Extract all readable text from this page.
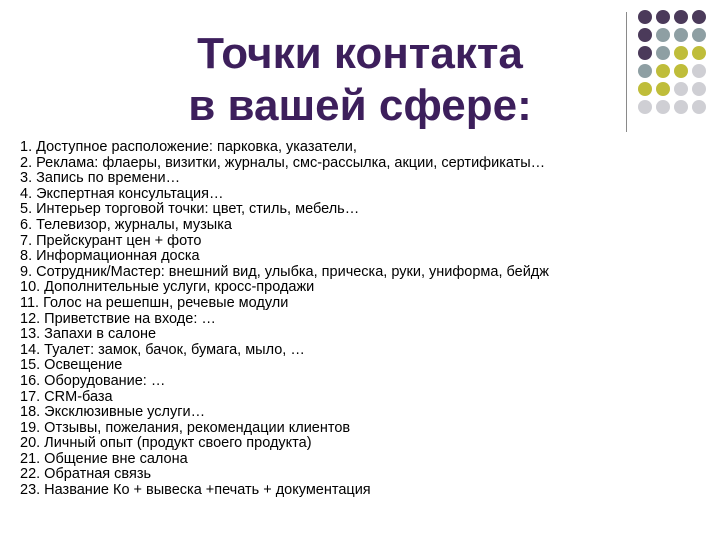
Точки контакта
в вашей сфере:
1. Доступное расположение: парковка, указатели,
2. Реклама: флаеры, визитки, журналы, смс-рассылка, акции, сертификаты…
3. Запись по времени…
4. Экспертная консультация…
5. Интерьер торговой точки: цвет, стиль, мебель…
6. Телевизор, журналы, музыка
7. Прейскурант цен + фото
8. Информационная доска
9. Сотрудник/Мастер: внешний вид, улыбка, прическа, руки, униформа, бейдж
10. Дополнительные услуги, кросс-продажи
11. Голос на решепшн, речевые модули
12. Приветствие на входе: …
13. Запахи в салоне
14. Туалет: замок, бачок, бумага, мыло, …
15. Освещение
16. Оборудование: …
17. CRM-база
18. Эксклюзивные услуги…
19. Отзывы, пожелания, рекомендации клиентов
20. Личный опыт (продукт своего продукта)
21. Общение вне салона
22. Обратная связь
23. Название Ко + вывеска +печать + документация
